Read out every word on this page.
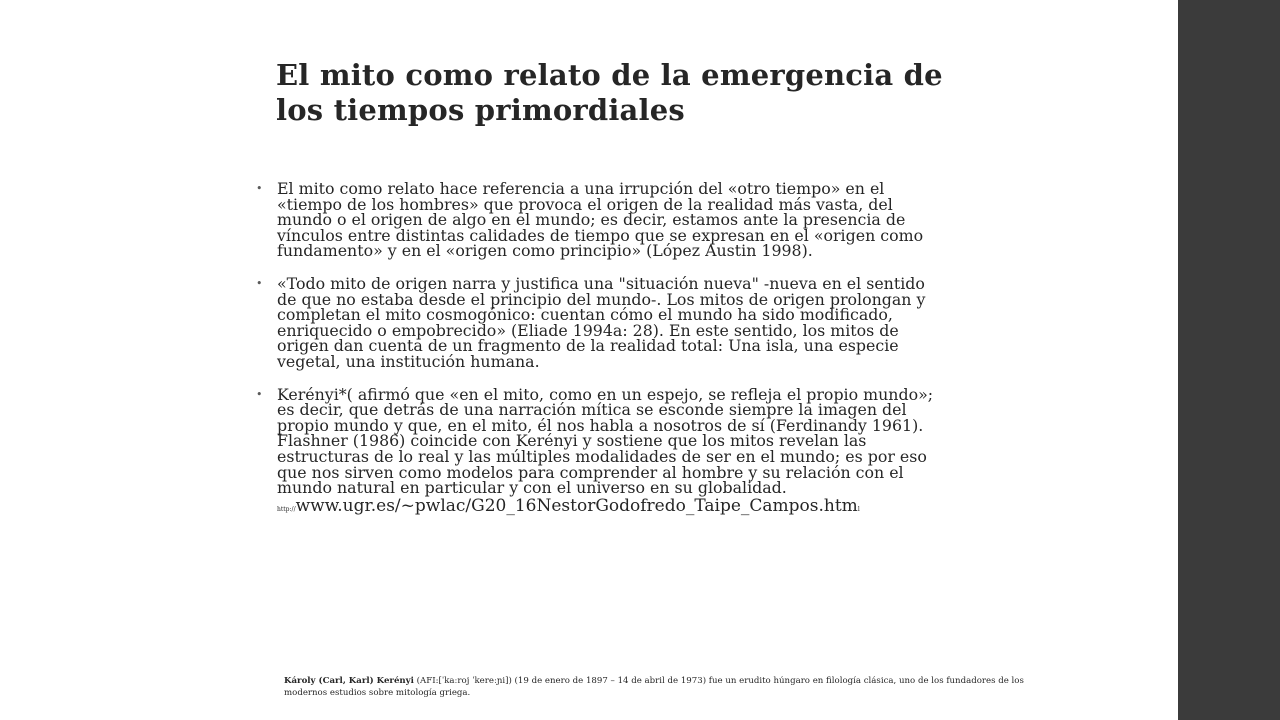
El mito como relato de la emergencia de los tiempos primordiales
• El mito como relato hace referencia a una irrupción del «otro tiempo» en el «tiempo de los hombres» que provoca el origen de la realidad más vasta, del mundo o el origen de algo en el mundo; es decir, estamos ante la presencia de vínculos entre distintas calidades de tiempo que se expresan en el «origen como fundamento» y en el «origen como principio» (López Austin 1998).
• «Todo mito de origen narra y justifica una "situación nueva" -nueva en el sentido de que no estaba desde el principio del mundo-. Los mitos de origen prolongan y completan el mito cosmogónico: cuentan cómo el mundo ha sido modificado, enriquecido o empobrecido» (Eliade 1994a: 28). En este sentido, los mitos de origen dan cuenta de un fragmento de la realidad total: Una isla, una especie vegetal, una institución humana.
• Kerényi*( afirmó que «en el mito, como en un espejo, se refleja el propio mundo»; es decir, que detrás de una narración mítica se esconde siempre la imagen del propio mundo y que, en el mito, él nos habla a nosotros de sí (Ferdinandy 1961). Flashner (1986) coincide con Kerényi y sostiene que los mitos revelan las estructuras de lo real y las múltiples modalidades de ser en el mundo; es por eso que nos sirven como modelos para comprender al hombre y su relación con el mundo natural en particular y con el universo en su globalidad.
http://www.ugr.es/~pwlac/G20_16NestorGodofredo_Taipe_Campos.html

Károly (Carl, Karl) Kerényi (AFI:[ˈkaːroj ˈkereːɲi]) (19 de enero de 1897 – 14 de abril de 1973) fue un erudito húngaro en filología clásica, uno de los fundadores de los modernos estudios sobre mitología griega.
